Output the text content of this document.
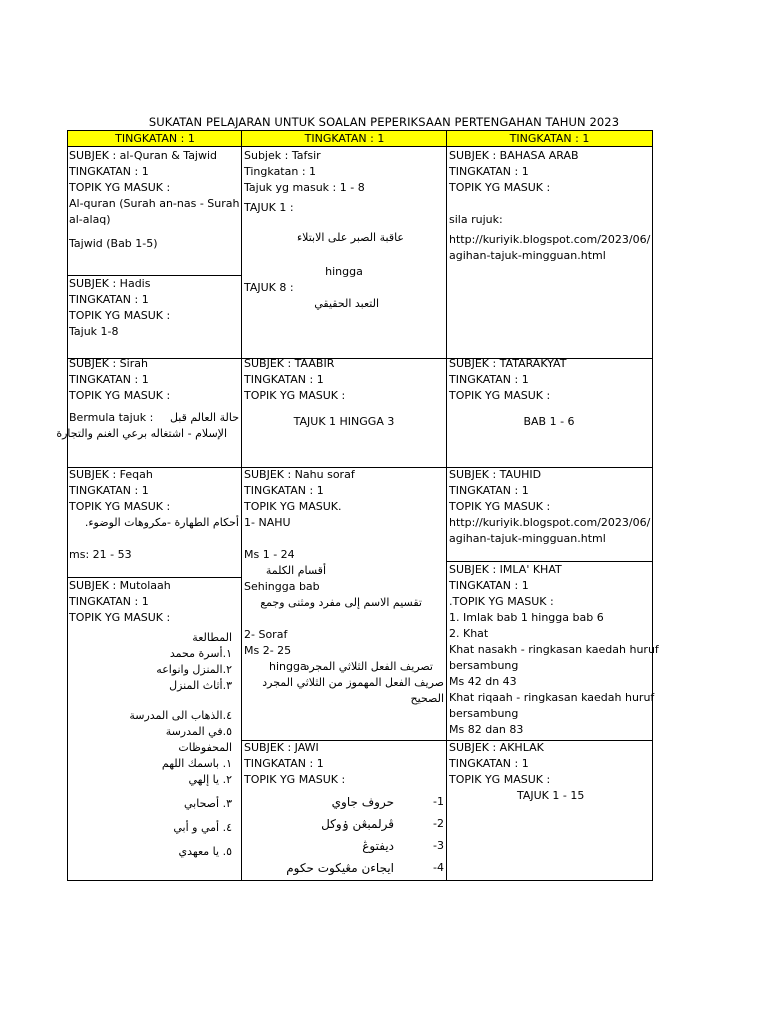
SUKATAN PELAJARAN UNTUK SOALAN PEPERIKSAAN PERTENGAHAN TAHUN 2023
TINGKATAN : 1	TINGKATAN : 1	TINGKATAN : 1
SUBJEK : al-Quran & Tajwid
TINGKATAN : 1
TOPIK YG MASUK :
Al-quran (Surah an-nas - Surah
al-alaq)
Tajwid (Bab 1-5)
Subjek : Tafsir
Tingkatan : 1
Tajuk yg masuk : 1 - 8
TAJUK 1 :
عاقبة الصبر على الابتلاء
hingga
TAJUK 8 :
التعبد الحقيقي
SUBJEK : BAHASA ARAB
TINGKATAN : 1
TOPIK YG MASUK :
sila rujuk:
http://kuriyik.blogspot.com/2023/06/
agihan-tajuk-mingguan.html
SUBJEK : Hadis
TINGKATAN : 1
TOPIK YG MASUK :
Tajuk 1-8
SUBJEK : Sirah
TINGKATAN : 1
TOPIK YG MASUK :
Bermula tajuk : حالة العالم قبل
الإسلام - اشتغاله برعي الغنم والتجارة
SUBJEK : TAABIR
TINGKATAN : 1
TOPIK YG MASUK :
TAJUK 1 HINGGA 3
SUBJEK : TATARAKYAT
TINGKATAN : 1
TOPIK YG MASUK :
BAB 1 - 6
SUBJEK : Feqah
TINGKATAN : 1
TOPIK YG MASUK :
أحكام الطهارة -مكروهات الوضوء.
ms: 21 - 53
SUBJEK : Nahu soraf
TINGKATAN : 1
TOPIK YG MASUK.
1- NAHU
Ms 1 - 24
أقسام الكلمة
Sehingga bab
تقسيم الاسم إلى مفرد ومثنى وجمع
2- Soraf
Ms 2- 25
hingga
تصريف الفعل الثلاثي المجرد
صريف الفعل المهموز من الثلاثي المجرد
الصحيح
SUBJEK : TAUHID
TINGKATAN : 1
TOPIK YG MASUK :
http://kuriyik.blogspot.com/2023/06/
agihan-tajuk-mingguan.html
SUBJEK : Mutolaah
TINGKATAN : 1
TOPIK YG MASUK :
المطالعة
١.أسرة محمد
٢.المنزل وانواعه
٣.أثاث المنزل
٤.الذهاب الى المدرسة
٥.في المدرسة
المحفوظات
١. باسمك اللهم
٢. يا إلهي
٣. أصحابي
٤. أمي و أبي
٥. يا معهدي
SUBJEK : IMLA' KHAT
TINGKATAN : 1
.TOPIK YG MASUK :
1. Imlak bab 1 hingga bab 6
2. Khat
Khat nasakh - ringkasan kaedah huruf
bersambung
Ms 42 dn 43
Khat riqaah - ringkasan kaedah huruf
bersambung
Ms 82 dan 83
SUBJEK : JAWI
TINGKATAN : 1
TOPIK YG MASUK :
-1
حروف جاوي
-2
ڤرلمبڠن ۏوكل
-3
ديفتوڠ
-4
ايجاءن مڠيكوت حكوم
SUBJEK : AKHLAK
TINGKATAN : 1
TOPIK YG MASUK :
TAJUK 1 - 15
